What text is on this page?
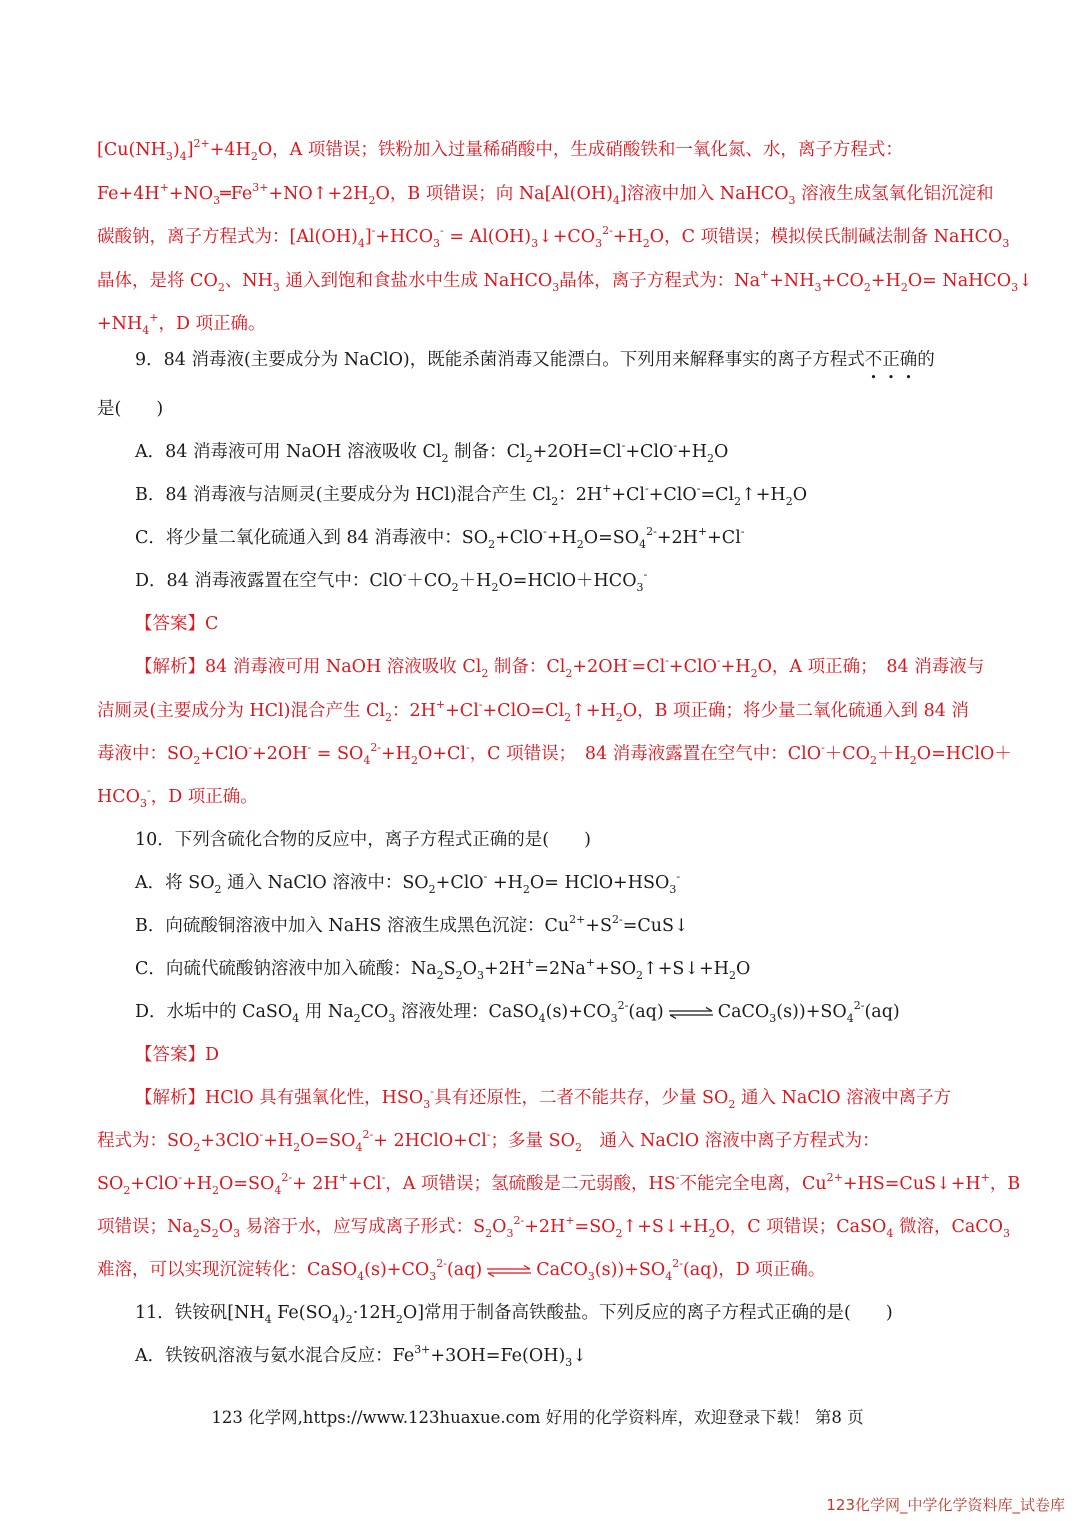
$[Cu(NH_3)_4]^{2+}+4H_2O$，A 项错误；铁粉加入过量稀硝酸中，生成硝酸铁和一氧化氮、水，离子方程式：
$Fe+4H^++NO_3═Fe^{3+}+NO↑+2H_2O$，B 项错误；向 $Na[Al(OH)_4]$溶液中加入 NaHCO$_3$ 溶液生成氢氧化铝沉淀和
碳酸钠，离子方程式为：$[Al(OH)_4]^-+HCO_3^-$ = $Al(OH)_3↓+CO_3^{2-}+H_2O$，C 项错误；模拟侯氏制碱法制备 NaHCO$_3$
晶体，是将 $CO_2$、$NH_3$ 通入到饱和食盐水中生成 NaHCO$_3$晶体，离子方程式为：$Na^++NH_3+CO_2+H_2O=$ NaHCO$_3$↓
$+NH_4^+$，D 项正确。
9．84 消毒液(主要成分为 NaClO)，既能杀菌消毒又能漂白。下列用来解释事实的离子方程式不正确的
是(　　)
A．84 消毒液可用 NaOH 溶液吸收 $Cl_2$ 制备：$Cl_2+2OH=Cl^-+ClO^-+H_2O$
B．84 消毒液与洁厕灵(主要成分为 HCl)混合产生 $Cl_2$：$2H^++Cl^-+ClO^-=Cl_2↑+H_2O$
C．将少量二氧化硫通入到 84 消毒液中：$SO_2+ClO^-+H_2O=SO_4^{2-}+2H^++Cl^-$
D．84 消毒液露置在空气中：$ClO^-+CO_2+H_2O=HClO+HCO_3^-$
【答案】C
【解析】84 消毒液可用 NaOH 溶液吸收 $Cl_2$ 制备：$Cl_2+2OH^-=Cl^-+ClO^-+H_2O$，A 项正确；　84 消毒液与
洁厕灵(主要成分为 HCl)混合产生 $Cl_2$：$2H^++Cl^-+ClO=Cl_2↑+H_2O$，B 项正确；将少量二氧化硫通入到 84 消
毒液中：$SO_2+ClO^-+2OH^- = SO_4^{2-}+H_2O+Cl^-$，C 项错误；　84 消毒液露置在空气中：$ClO^-+CO_2+H_2O=HClO+$
$HCO_3^-$，D 项正确。
10．下列含硫化合物的反应中，离子方程式正确的是(　　)
A．将 $SO_2$ 通入 NaClO 溶液中：$SO_2+ClO^- +H_2O=$ $HClO+HSO_3^-$
B．向硫酸铜溶液中加入 NaHS 溶液生成黑色沉淀：$Cu^{2+}+S^{2-}=CuS↓$
C．向硫代硫酸钠溶液中加入硫酸：$Na_2S_2O_3+2H^+=2Na^++SO_2↑+S↓+H_2O$
D．水垢中的 CaSO$_4$ 用 $Na_2CO_3$ 溶液处理：$CaSO_4(s)+CO_3^{2-}(aq)$ ⇌ $CaCO_3(s))+SO_4^{2-}(aq)$
【答案】D
【解析】HClO 具有强氧化性，$HSO_3^-$具有还原性，二者不能共存，少量 $SO_2$ 通入 NaClO 溶液中离子方
程式为：$SO_2+3ClO^-+H_2O=SO_4^{2-}+$ 2HClO+Cl-；多量 $SO_2$　通入 NaClO 溶液中离子方程式为：
$SO_2+ClO^-+H_2O=SO_4^{2-}+ 2H^++Cl^-$，A 项错误；氢硫酸是二元弱酸，HS-不能完全电离，$Cu^{2+}+HS=CuS↓+H^+$，B
项错误；$Na_2S_2O_3$ 易溶于水，应写成离子形式：$S_2O_3^{2-}+2H^+=SO_2↑+S↓+H_2O$，C 项错误；CaSO$_4$ 微溶，CaCO$_3$
难溶，可以实现沉淀转化：$CaSO_4(s)+CO_3^{2-}(aq)$ ⇌ $CaCO_3(s))+SO_4^{2-}(aq)$，D 项正确。
11．铁铵矾[$NH_4$ $Fe(SO_4)_2\cdot 12H_2O$]常用于制备高铁酸盐。下列反应的离子方程式正确的是(　　)
A．铁铵矾溶液与氨水混合反应：$Fe^{3+}+3OH=Fe(OH)_3↓$
123 化学网,https://www.123huaxue.com 好用的化学资料库，欢迎登录下载！ 第8 页
123化学网_中学化学资料库_试卷库
